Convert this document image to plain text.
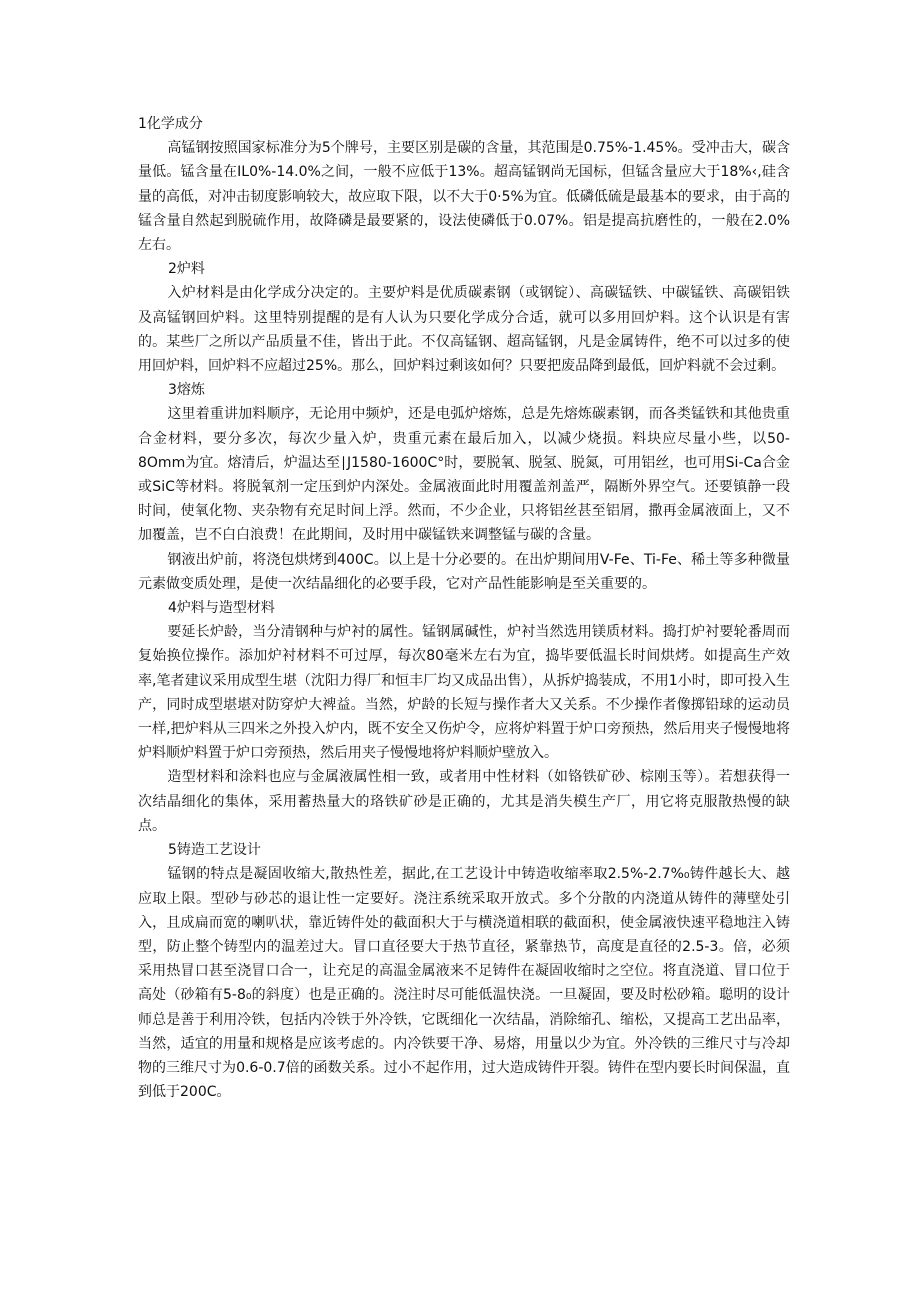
1化学成分

高锰钢按照国家标准分为5个牌号，主要区别是碳的含量，其范围是0.75%-1.45%。受冲击大，碳含量低。锰含量在IL0%-14.0%之间，一般不应低于13%。超高锰钢尚无国标，但锰含量应大于18%‹,硅含量的高低，对冲击韧度影响较大，故应取下限，以不大于0·5%为宜。低磷低硫是最基本的要求，由于高的锰含量自然起到脱硫作用，故降磷是最要紧的，设法使磷低于0.07%。铝是提高抗磨性的，一般在2.0%左右。

2炉料

入炉材料是由化学成分决定的。主要炉料是优质碳素钢（或钢锭）、高碳锰铁、中碳锰铁、高碳铝铁及高锰钢回炉料。这里特别提醒的是有人认为只要化学成分合适，就可以多用回炉料。这个认识是有害的。某些厂之所以产品质量不佳，皆出于此。不仅高锰钢、超高锰钢，凡是金属铸件，绝不可以过多的使用回炉料，回炉料不应超过25%。那么，回炉料过剩该如何？只要把废品降到最低，回炉料就不会过剩。

3熔炼

这里着重讲加料顺序，无论用中频炉，还是电弧炉熔炼，总是先熔炼碳素钢，而各类锰铁和其他贵重合金材料，要分多次，每次少量入炉，贵重元素在最后加入，以减少烧损。料块应尽量小些，以50-8Omm为宜。熔清后，炉温达至∣J1580-1600C°时，要脱氧、脱氢、脱氮，可用铝丝，也可用Si-Ca合金或SiC等材料。将脱氧剂一定压到炉内深处。金属液面此时用覆盖剂盖严，隔断外界空气。还要镇静一段时间，使氧化物、夹杂物有充足时间上浮。然而，不少企业，只将铝丝甚至铝屑，撒再金属液面上，又不加覆盖，岂不白白浪费！在此期间，及时用中碳锰铁来调整锰与碳的含量。

钢液出炉前，将浇包烘烤到400C。以上是十分必要的。在出炉期间用V-Fe、Ti-Fe、稀土等多种微量元素做变质处理，是使一次结晶细化的必要手段，它对产品性能影响是至关重要的。

4炉料与造型材料

要延长炉龄，当分清钢种与炉衬的属性。锰钢属碱性，炉衬当然选用镁质材料。捣打炉衬要轮番周而复始换位操作。添加炉衬材料不可过厚，每次80毫米左右为宜，捣毕要低温长时间烘烤。如提高生产效率,笔者建议采用成型生堪（沈阳力得厂和恒丰厂均又成品出售），从拆炉捣装成，不用1小时，即可投入生产，同时成型堪堪对防穿炉大裨益。当然，炉龄的长短与操作者大又关系。不少操作者像掷铅球的运动员一样,把炉料从三四米之外投入炉内，既不安全又伤炉令，应将炉料置于炉口旁预热，然后用夹子慢慢地将炉料顺炉料置于炉口旁预热，然后用夹子慢慢地将炉料顺炉壁放入。

造型材料和涂料也应与金属液属性相一致，或者用中性材料（如铬铁矿砂、棕刚玉等）。若想获得一次结晶细化的集体，采用蓄热量大的珞铁矿砂是正确的，尤其是消失模生产厂，用它将克服散热慢的缺点。

5铸造工艺设计

锰钢的特点是凝固收缩大,散热性差，据此,在工艺设计中铸造收缩率取2.5%-2.7%₀铸件越长大、越应取上限。型砂与砂芯的退让性一定要好。浇注系统采取开放式。多个分散的内浇道从铸件的薄壁处引入，且成扁而宽的喇叭状，靠近铸件处的截面积大于与横浇道相联的截面积，使金属液快速平稳地注入铸型，防止整个铸型内的温差过大。冒口直径要大于热节直径，紧靠热节，高度是直径的2.5-3。倍，必须采用热冒口甚至浇冒口合一，让充足的高温金属液来不足铸件在凝固收缩时之空位。将直浇道、冒口位于高处（砂箱有5-8₀的斜度）也是正确的。浇注时尽可能低温快浇。一旦凝固，要及时松砂箱。聪明的设计师总是善于利用冷铁，包括内冷铁于外冷铁，它既细化一次结晶，消除缩孔、缩松，又提高工艺出品率，当然，适宜的用量和规格是应该考虑的。内冷铁要干净、易熔，用量以少为宜。外冷铁的三维尺寸与冷却物的三维尺寸为0.6-0.7倍的函数关系。过小不起作用，过大造成铸件开裂。铸件在型内要长时间保温，直到低于200C。
